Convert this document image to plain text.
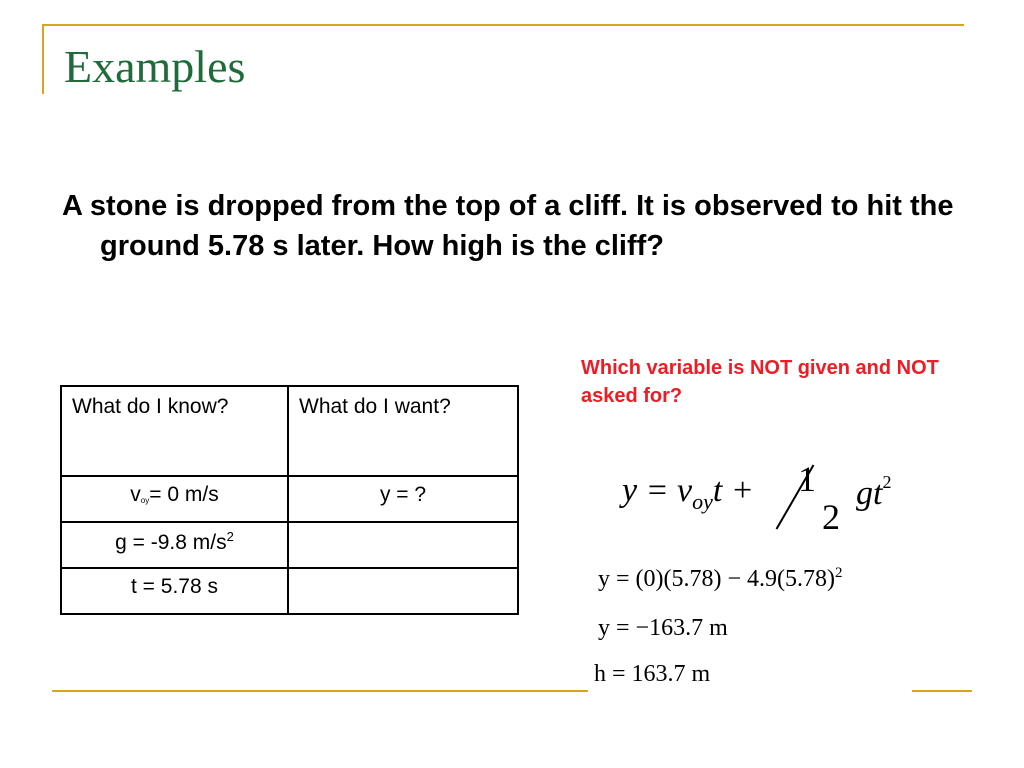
Examples
A stone is dropped from the top of a cliff. It is observed to hit the ground 5.78 s later. How high is the cliff?
Which variable is NOT given and NOT asked for?
What do I know?	What do I want?
$v_{oy}= 0$ m/s	y = ?
g = -9.8 $m/s^2$	
t = 5.78 s	
$y = v_{oy}t + 1$
2
$gt^2$
$y = (0)(5.78) - 4.9(5.78)^2$
y = −163.7 m
h = 163.7 m
